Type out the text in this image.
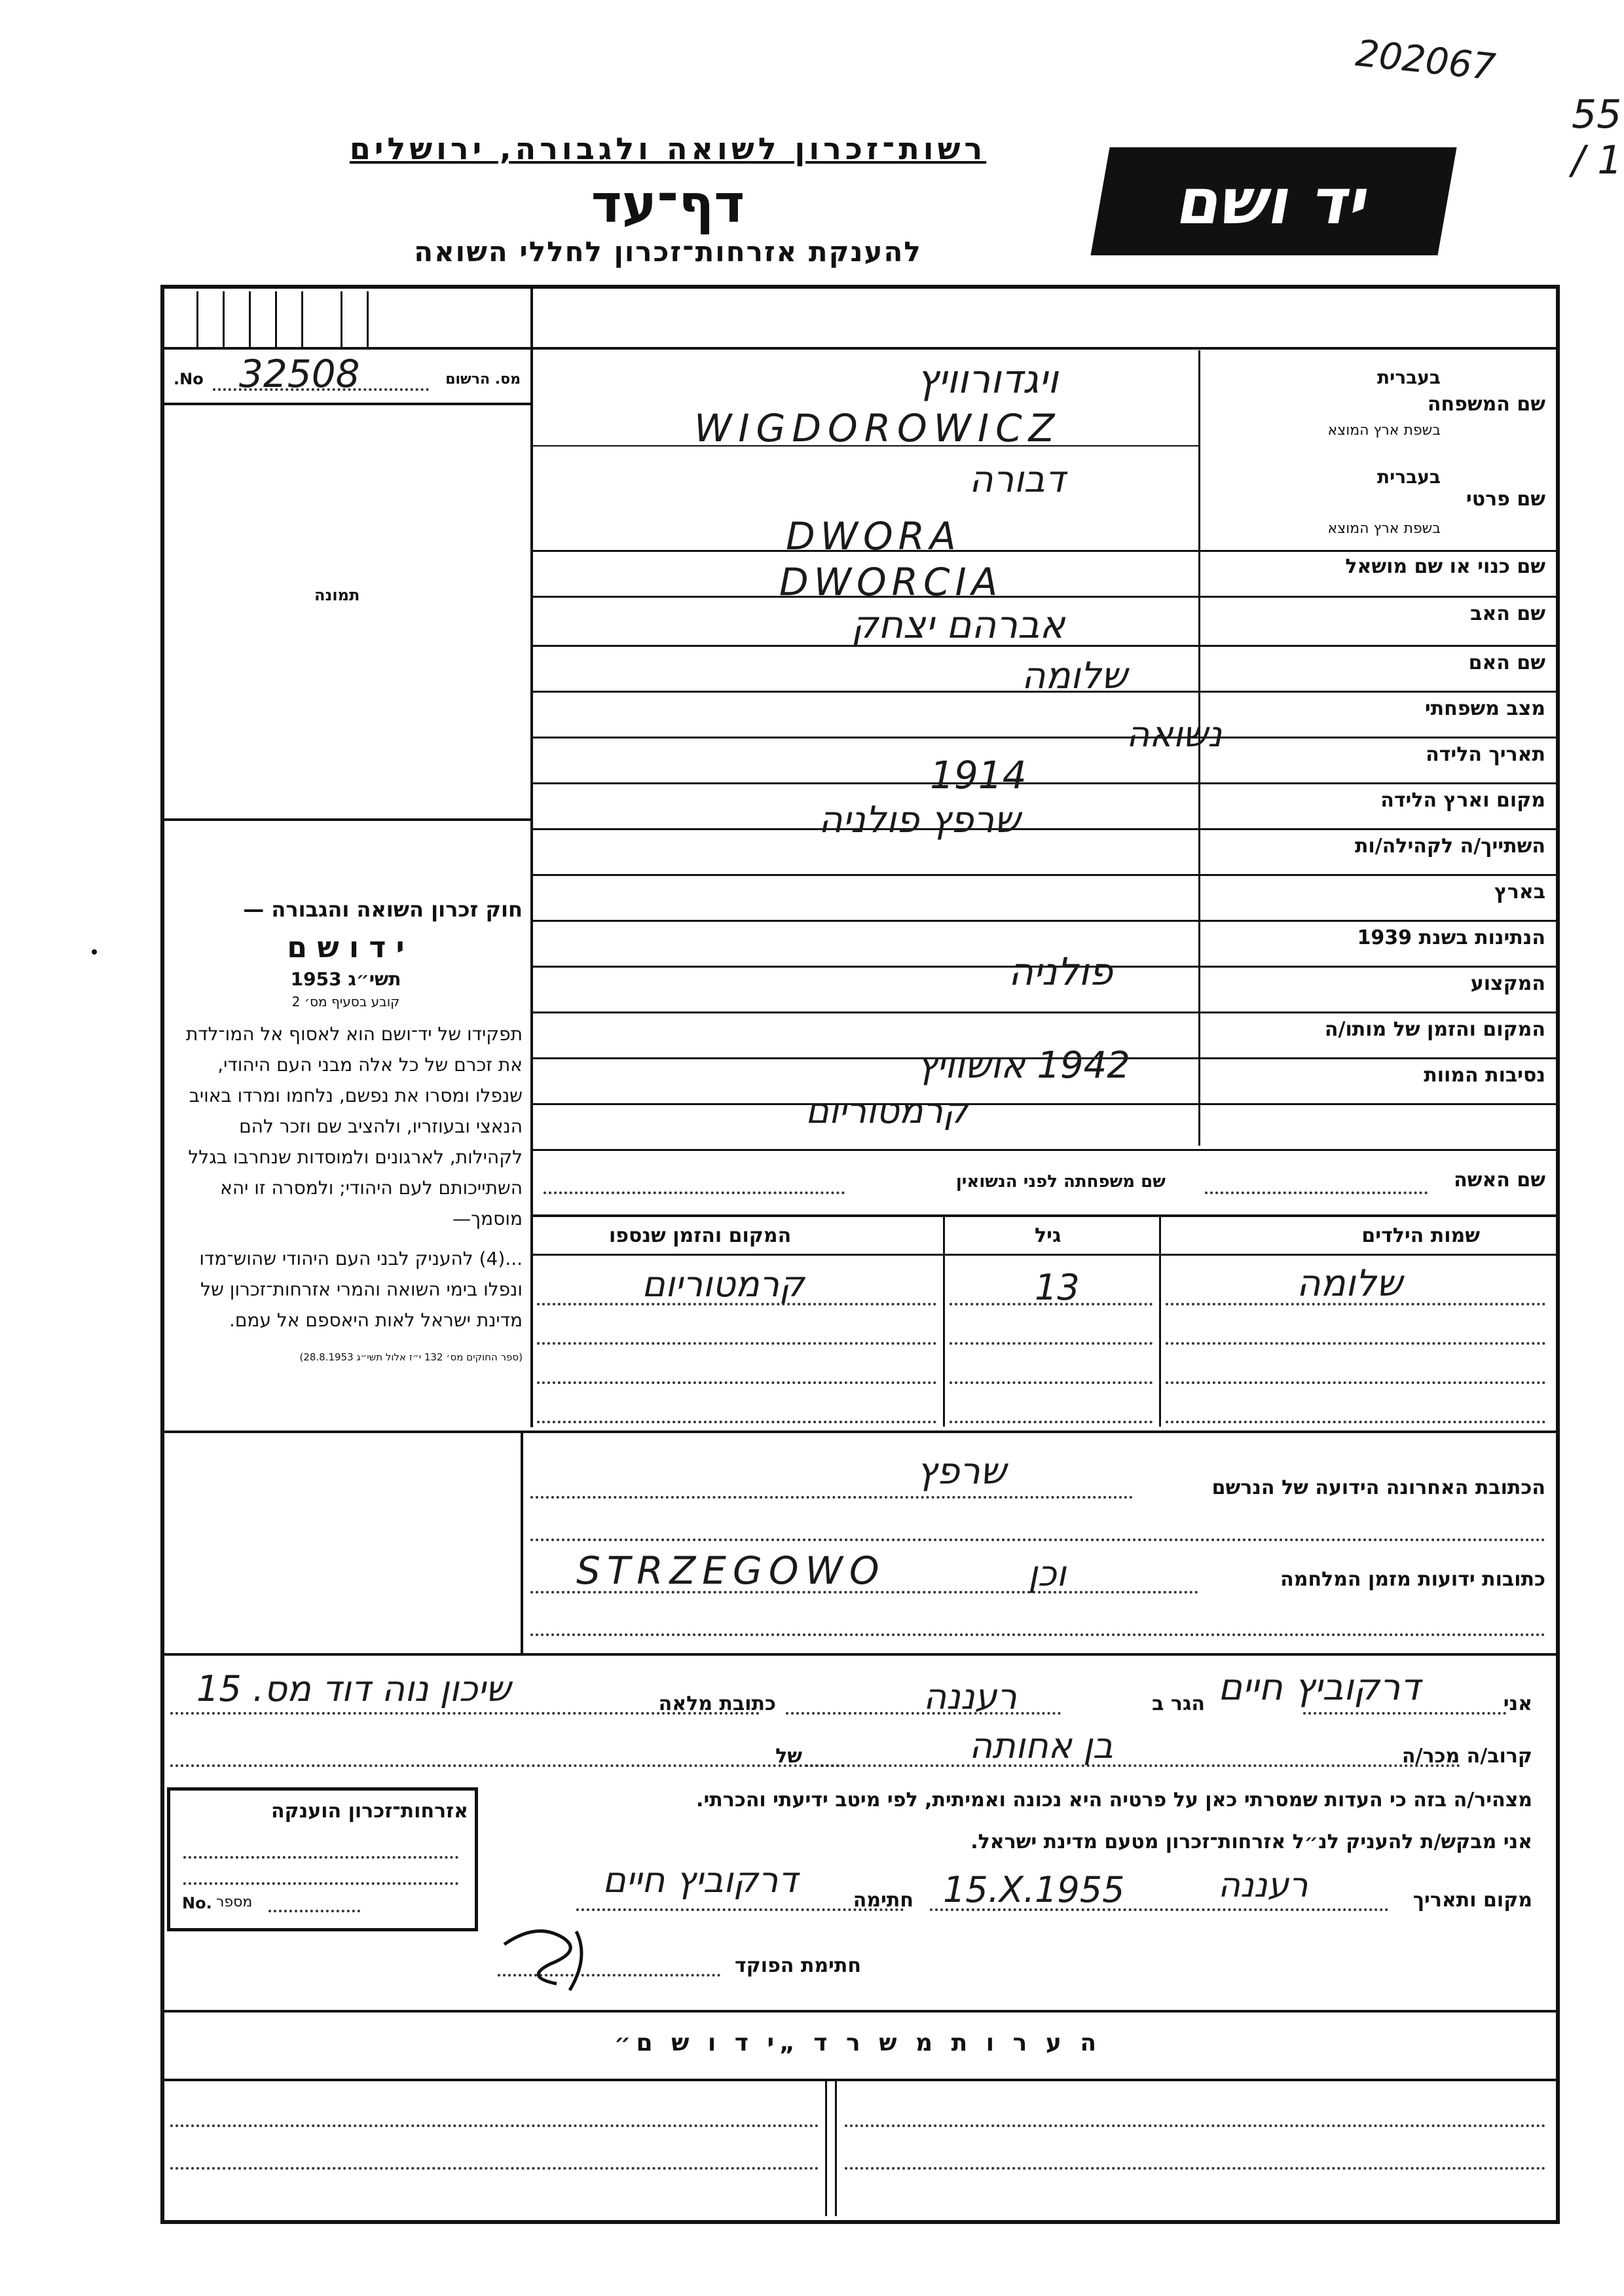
202067
55 / 1
רשות־זכרון לשואה ולגבורה, ירושלים
דף־עד
להענקת אזרחות־זכרון לחללי השואה
יד ושם
No. 32508	מס. הרשום
תמונה

חוק זכרון השואה והגבורה —

י ד ו ש ם

תשי״ג 1953

קובע בסעיף מס׳ 2

תפקידו של יד־ושם הוא לאסוף אל המו־לדת את זכרם של כל אלה מבני העם היהודי, שנפלו ומסרו את נפשם, נלחמו ומרדו באויב הנאצי ובעוזריו, ולהציב שם וזכר להם לקהילות, לארגונים ולמוסדות שנחרבו בגלל השתייכותם לעם היהודי; ולמסרה זו יהא מוסמך—

...(4) להעניק לבני העם היהודי שהוש־מדו ונפלו בימי השואה והמרי אזרחות־זכרון של מדינת ישראל לאות היאספם אל עמם.

(ספר החוקים מס׳ 132 י״ז אלול תשי״ג 28.8.1953)

שם המשפחה
בעברית
בשפת ארץ המוצא
שם פרטי
בעברית
בשפת ארץ המוצא
שם כנוי או שם מושאל
שם האב
שם האם
מצב משפחתי
תאריך הלידה
מקום וארץ הלידה
השתייך/ה לקהילה/ות
בארץ
הנתינות בשנת 1939
המקצוע
המקום והזמן של מותו/ה
נסיבות המוות
ויגדורוויץ
WIGDOROWICZ
דבורה
DWORA
DWORCIA
אברהם יצחק
שלומה
נשואה
1914
שרפץ פולניה
פולניה
1942 אושוויץ
קרמטוריום
שם האשה
שם משפחתה לפני הנשואין
שמות הילדים
גיל
המקום והזמן שנספו
שלומה
13
קרמטוריום
הכתובת האחרונה הידועה של הנרשם
שרפץ
כתובות ידועות מזמן המלחמה
STRZEGOWO	וכן
אני
דרקוביץ חיים
הגר ב
רעננה
כתובת מלאה
שיכון נוה דוד מס. 15
קרוב/ה מכר/ה
בן אחותה
של
מצהיר/ה בזה כי העדות שמסרתי כאן על פרטיה היא נכונה ואמיתית, לפי מיטב ידיעתי והכרתי.
אני מבקש/ת להעניק לנ״ל אזרחות־זכרון מטעם מדינת ישראל.
מקום ותאריך
רעננה
15.X.1955
חתימה
דרקוביץ חיים
חתימת הפוקד
אזרחות־זכרון הוענקה
No. מספר
ה ע ר ו ת מ ש ר ד „י ד ו ש ם״
